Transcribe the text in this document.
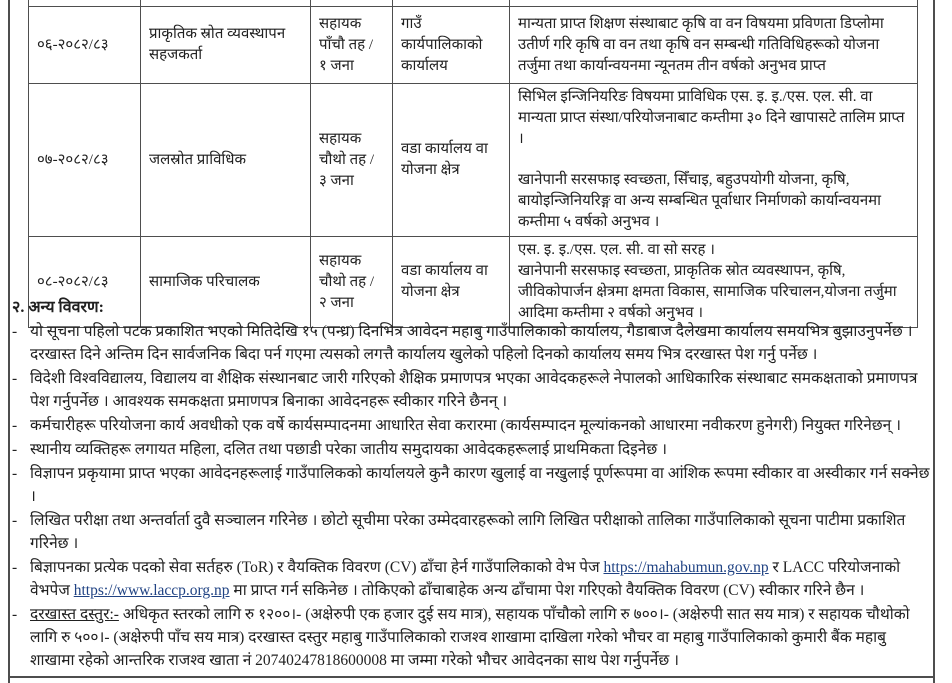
०६-२०८२/८३	प्राकृतिक स्रोत व्यवस्थापन सहजकर्ता	सहायक पाँचौ तह / १ जना	गाउँ कार्यपालिकाको कार्यालय	मान्यता प्राप्त शिक्षण संस्थाबाट कृषि वा वन विषयमा प्रविणता डिप्लोमा उतीर्ण गरि कृषि वा वन तथा कृषि वन सम्बन्धी गतिविधिहरूको योजना तर्जुमा तथा कार्यान्वयनमा न्यूनतम तीन वर्षको अनुभव प्राप्त

०७-२०८२/८३	जलस्रोत प्राविधिक	सहायक चौथो तह / ३ जना	वडा कार्यालय वा योजना क्षेत्र	सिभिल इन्जिनियरिङ विषयमा प्राविधिक एस. इ. इ./एस. एल. सी. वा मान्यता प्राप्त संस्था/परियोजनाबाट कम्तीमा ३० दिने खापासटे तालिम प्राप्त ।
खानेपानी सरसफाइ स्वच्छता, सिँचाइ, बहुउपयोगी योजना, कृषि, बायोइन्जिनियरिङ्ग वा अन्य सम्बन्धित पूर्वाधार निर्माणको कार्यान्वयनमा कम्तीमा ५ वर्षको अनुभव ।

०८-२०८२/८३	सामाजिक परिचालक	सहायक चौथो तह / २ जना	वडा कार्यालय वा योजना क्षेत्र	एस. इ. इ./एस. एल. सी. वा सो सरह ।
खानेपानी सरसफाइ स्वच्छता, प्राकृतिक स्रोत व्यवस्थापन, कृषि, जीविकोपार्जन क्षेत्रमा क्षमता विकास, सामाजिक परिचालन,योजना तर्जुमा आदिमा कम्तीमा २ वर्षको अनुभव ।

२. अन्य विवरण:

- यो सूचना पहिलो पटक प्रकाशित भएको मितिदेखि १५ (पन्ध्र) दिनभित्र आवेदन महाबु गाउँपालिकाको कार्यालय, गैडाबाज दैलेखमा कार्यालय समयभित्र बुझाउनुपर्नेछ । दरखास्त दिने अन्तिम दिन सार्वजनिक बिदा पर्न गएमा त्यसको लगत्तै कार्यालय खुलेको पहिलो दिनको कार्यालय समय भित्र दरखास्त पेश गर्नु पर्नेछ ।
- विदेशी विश्वविद्यालय, विद्यालय वा शैक्षिक संस्थानबाट जारी गरिएको शैक्षिक प्रमाणपत्र भएका आवेदकहरूले नेपालको आधिकारिक संस्थाबाट समकक्षताको प्रमाणपत्र पेश गर्नुपर्नेछ । आवश्यक समकक्षता प्रमाणपत्र बिनाका आवेदनहरू स्वीकार गरिने छैनन् ।
- कर्मचारीहरू परियोजना कार्य अवधीको एक वर्षे कार्यसम्पादनमा आधारित सेवा करारमा (कार्यसम्पादन मूल्यांकनको आधारमा नवीकरण हुनेगरी) नियुक्त गरिनेछन् ।
- स्थानीय व्यक्तिहरू लगायत महिला, दलित तथा पछाडी परेका जातीय समुदायका आवेदकहरूलाई प्राथमिकता दिइनेछ ।
- विज्ञापन प्रकृयामा प्राप्त भएका आवेदनहरूलाई गाउँपालिकको कार्यालयले कुनै कारण खुलाई वा नखुलाई पूर्णरूपमा वा आंशिक रूपमा स्वीकार वा अस्वीकार गर्न सक्नेछ ।
- लिखित परीक्षा तथा अन्तर्वार्ता दुवै सञ्चालन गरिनेछ । छोटो सूचीमा परेका उम्मेदवारहरूको लागि लिखित परीक्षाको तालिका गाउँपालिकाको सूचना पाटीमा प्रकाशित गरिनेछ ।
- बिज्ञापनका प्रत्येक पदको सेवा सर्तहरु (ToR) र वैयक्तिक विवरण (CV) ढाँचा हेर्न गाउँपालिकाको वेभ पेज https://mahabumun.gov.np र LACC परियोजनाको वेभपेज https://www.laccp.org.np मा प्राप्त गर्न सकिनेछ । तोकिएको ढाँचाबाहेक अन्य ढाँचामा पेश गरिएको वैयक्तिक विवरण (CV) स्वीकार गरिने छैन ।
- दरखास्त दस्तुर:- अधिकृत स्तरको लागि रु १२००।- (अक्षेरुपी एक हजार दुई सय मात्र), सहायक पाँचौको लागि रु ७००।- (अक्षेरुपी सात सय मात्र) र सहायक चौथोको लागि रु ५००।- (अक्षेरुपी पाँच सय मात्र) दरखास्त दस्तुर महाबु गाउँपालिकाको राजश्व शाखामा दाखिला गरेको भौचर वा महाबु गाउँपालिकाको कुमारी बैंक महाबु शाखामा रहेको आन्तरिक राजश्व खाता नं 20740247818600008 मा जम्मा गरेको भौचर आवेदनका साथ पेश गर्नुपर्नेछ ।
